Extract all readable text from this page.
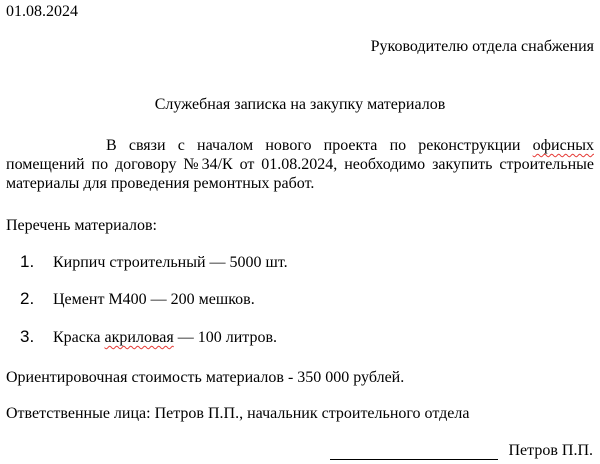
01.08.2024
Руководителю отдела снабжения
Служебная записка на закупку материалов
В связи с началом нового проекта по реконструкции офисных помещений по договору №34/К от 01.08.2024, необходимо закупить строительные материалы для проведения ремонтных работ.
Перечень материалов:
1. Кирпич строительный — 5000 шт.
2. Цемент М400 — 200 мешков.
3. Краска акриловая — 100 литров.
Ориентировочная стоимость материалов - 350 000 рублей.
Ответственные лица: Петров П.П., начальник строительного отдела
Петров П.П.
